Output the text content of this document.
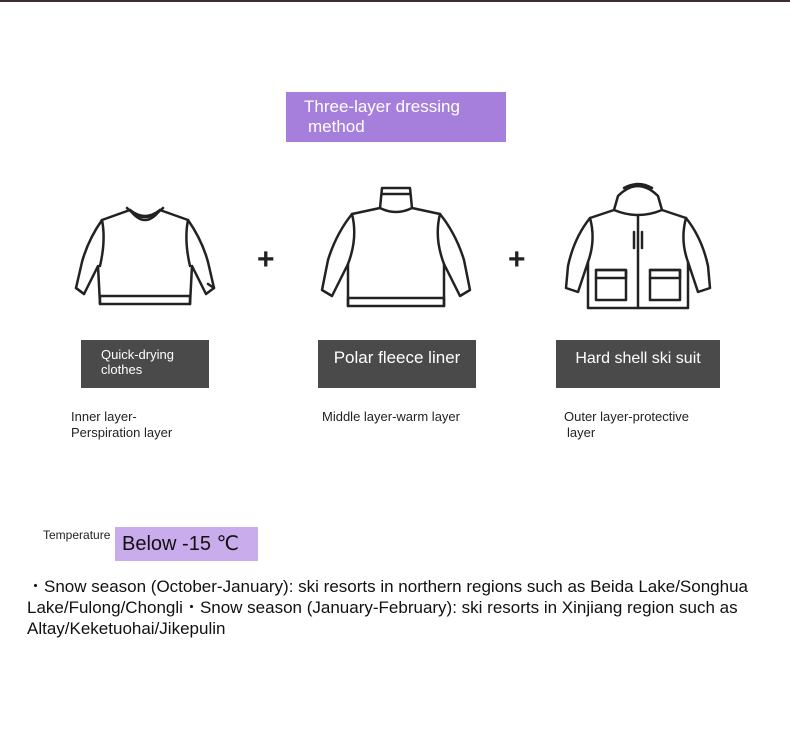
Three-layer dressing
method
+	+
Quick-drying clothes
Polar fleece liner	Hard shell ski suit
Inner layer-
Perspiration layer
Middle layer-warm layer	Outer layer-protective
layer
Temperature Below -15 ℃
・Snow season (October-January): ski resorts in northern regions such as Beida Lake/Songhua Lake/Fulong/Chongli・Snow season (January-February): ski resorts in Xinjiang region such as Altay/Keketuohai/Jikepulin
